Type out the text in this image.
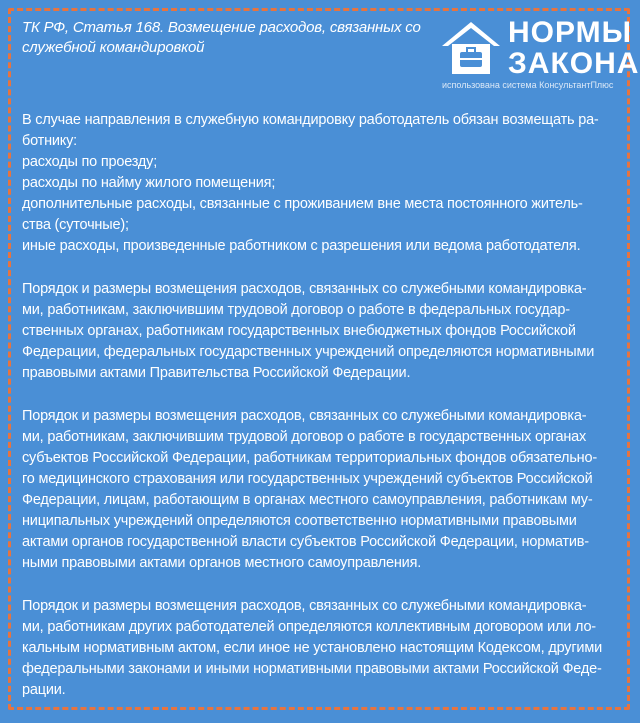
ТК РФ, Статья 168. Возмещение расходов, связанных со
служебной командировкой	НОРМЫ
ЗАКОНА
использована система КонсультантПлюс
В случае направления в служебную командировку работодатель обязан возмещать ра-
ботнику:
расходы по проезду;
расходы по найму жилого помещения;
дополнительные расходы, связанные с проживанием вне места постоянного житель-
ства (суточные);
иные расходы, произведенные работником с разрешения или ведома работодателя.
Порядок и размеры возмещения расходов, связанных со служебными командировка-
ми, работникам, заключившим трудовой договор о работе в федеральных государ-
ственных органах, работникам государственных внебюджетных фондов Российской
Федерации, федеральных государственных учреждений определяются нормативными
правовыми актами Правительства Российской Федерации.
Порядок и размеры возмещения расходов, связанных со служебными командировка-
ми, работникам, заключившим трудовой договор о работе в государственных органах
субъектов Российской Федерации, работникам территориальных фондов обязательно-
го медицинского страхования или государственных учреждений субъектов Российской
Федерации, лицам, работающим в органах местного самоуправления, работникам му-
ниципальных учреждений определяются соответственно нормативными правовыми
актами органов государственной власти субъектов Российской Федерации, норматив-
ными правовыми актами органов местного самоуправления.
Порядок и размеры возмещения расходов, связанных со служебными командировка-
ми, работникам других работодателей определяются коллективным договором или ло-
кальным нормативным актом, если иное не установлено настоящим Кодексом, другими
федеральными законами и иными нормативными правовыми актами Российской Феде-
рации.
